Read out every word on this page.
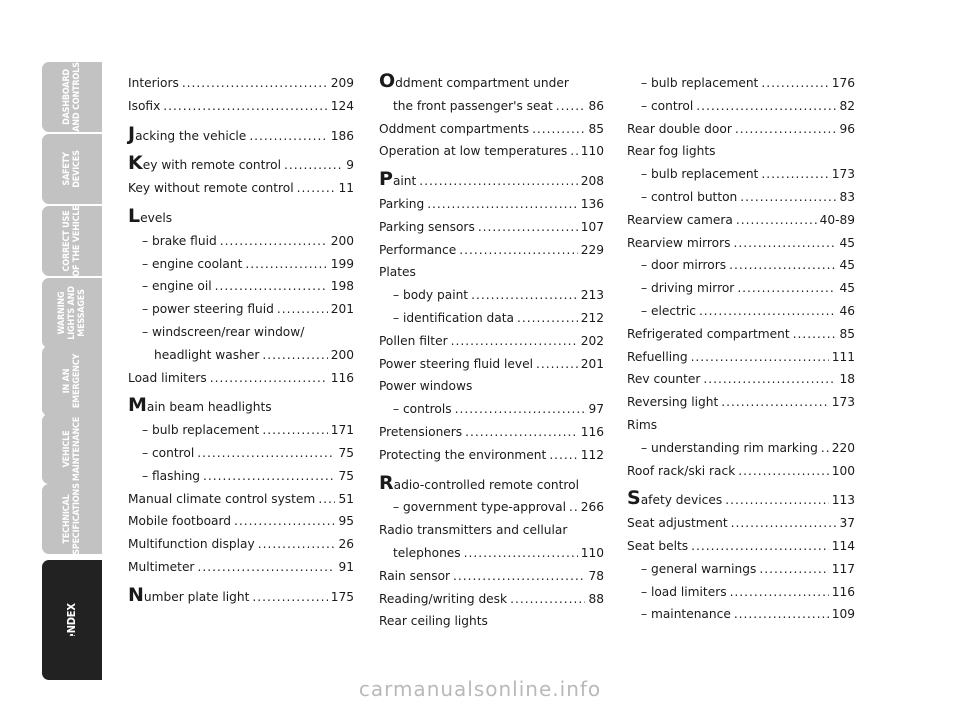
DASHBOARD
AND CONTROLS
SAFETY
DEVICES
CORRECT USE
OF THE VEHICLE
WARNING
LIGHTS AND
MESSAGES
IN AN
EMERGENCY
VEHICLE
MAINTENANCE
TECHNICAL
SPECIFICATIONS
INDEX
272
Interiors .....	209
Isofix .....	124
Jacking the vehicle .....	186
Key with remote control .....	9
Key without remote control .....	11
Levels
– brake fluid .....	200
– engine coolant .....	199
– engine oil .....	198
– power steering fluid .....	201
– windscreen/rear window/
headlight washer .....	200
Load limiters .....	116
Main beam headlights
– bulb replacement .....	171
– control .....	75
– flashing .....	75
Manual climate control system ..... 51
Mobile footboard .....	95
Multifunction display .....	26
Multimeter .....	91
Number plate light .....	175
Oddment compartment under
the front passenger's seat .....	86
Oddment compartments .....	85
Operation at low temperatures ..... 110
Paint .....	208
Parking .....	136
Parking sensors .....	107
Performance .....	229
Plates
– body paint .....	213
– identification data .....	212
Pollen filter .....	202
Power steering fluid level .....	201
Power windows
– controls .....	97
Pretensioners .....	116
Protecting the environment .....	112
Radio-controlled remote control
– government type-approval ..... 266
Radio transmitters and cellular
telephones .....	110
Rain sensor .....	78
Reading/writing desk .....	88
Rear ceiling lights
– bulb replacement .....	176
– control .....	82
Rear double door .....	96
Rear fog lights
– bulb replacement .....	173
– control button .....	83
Rearview camera .....	40-89
Rearview mirrors .....	45
– door mirrors .....	45
– driving mirror .....	45
– electric .....	46
Refrigerated compartment .....	85
Refuelling .....	111
Rev counter .....	18
Reversing light .....	173
Rims
– understanding rim marking ..... 220
Roof rack/ski rack .....	100
Safety devices .....	113
Seat adjustment .....	37
Seat belts .....	114
– general warnings .....	117
– load limiters .....	116
– maintenance .....	109
carmanualsonline.info
